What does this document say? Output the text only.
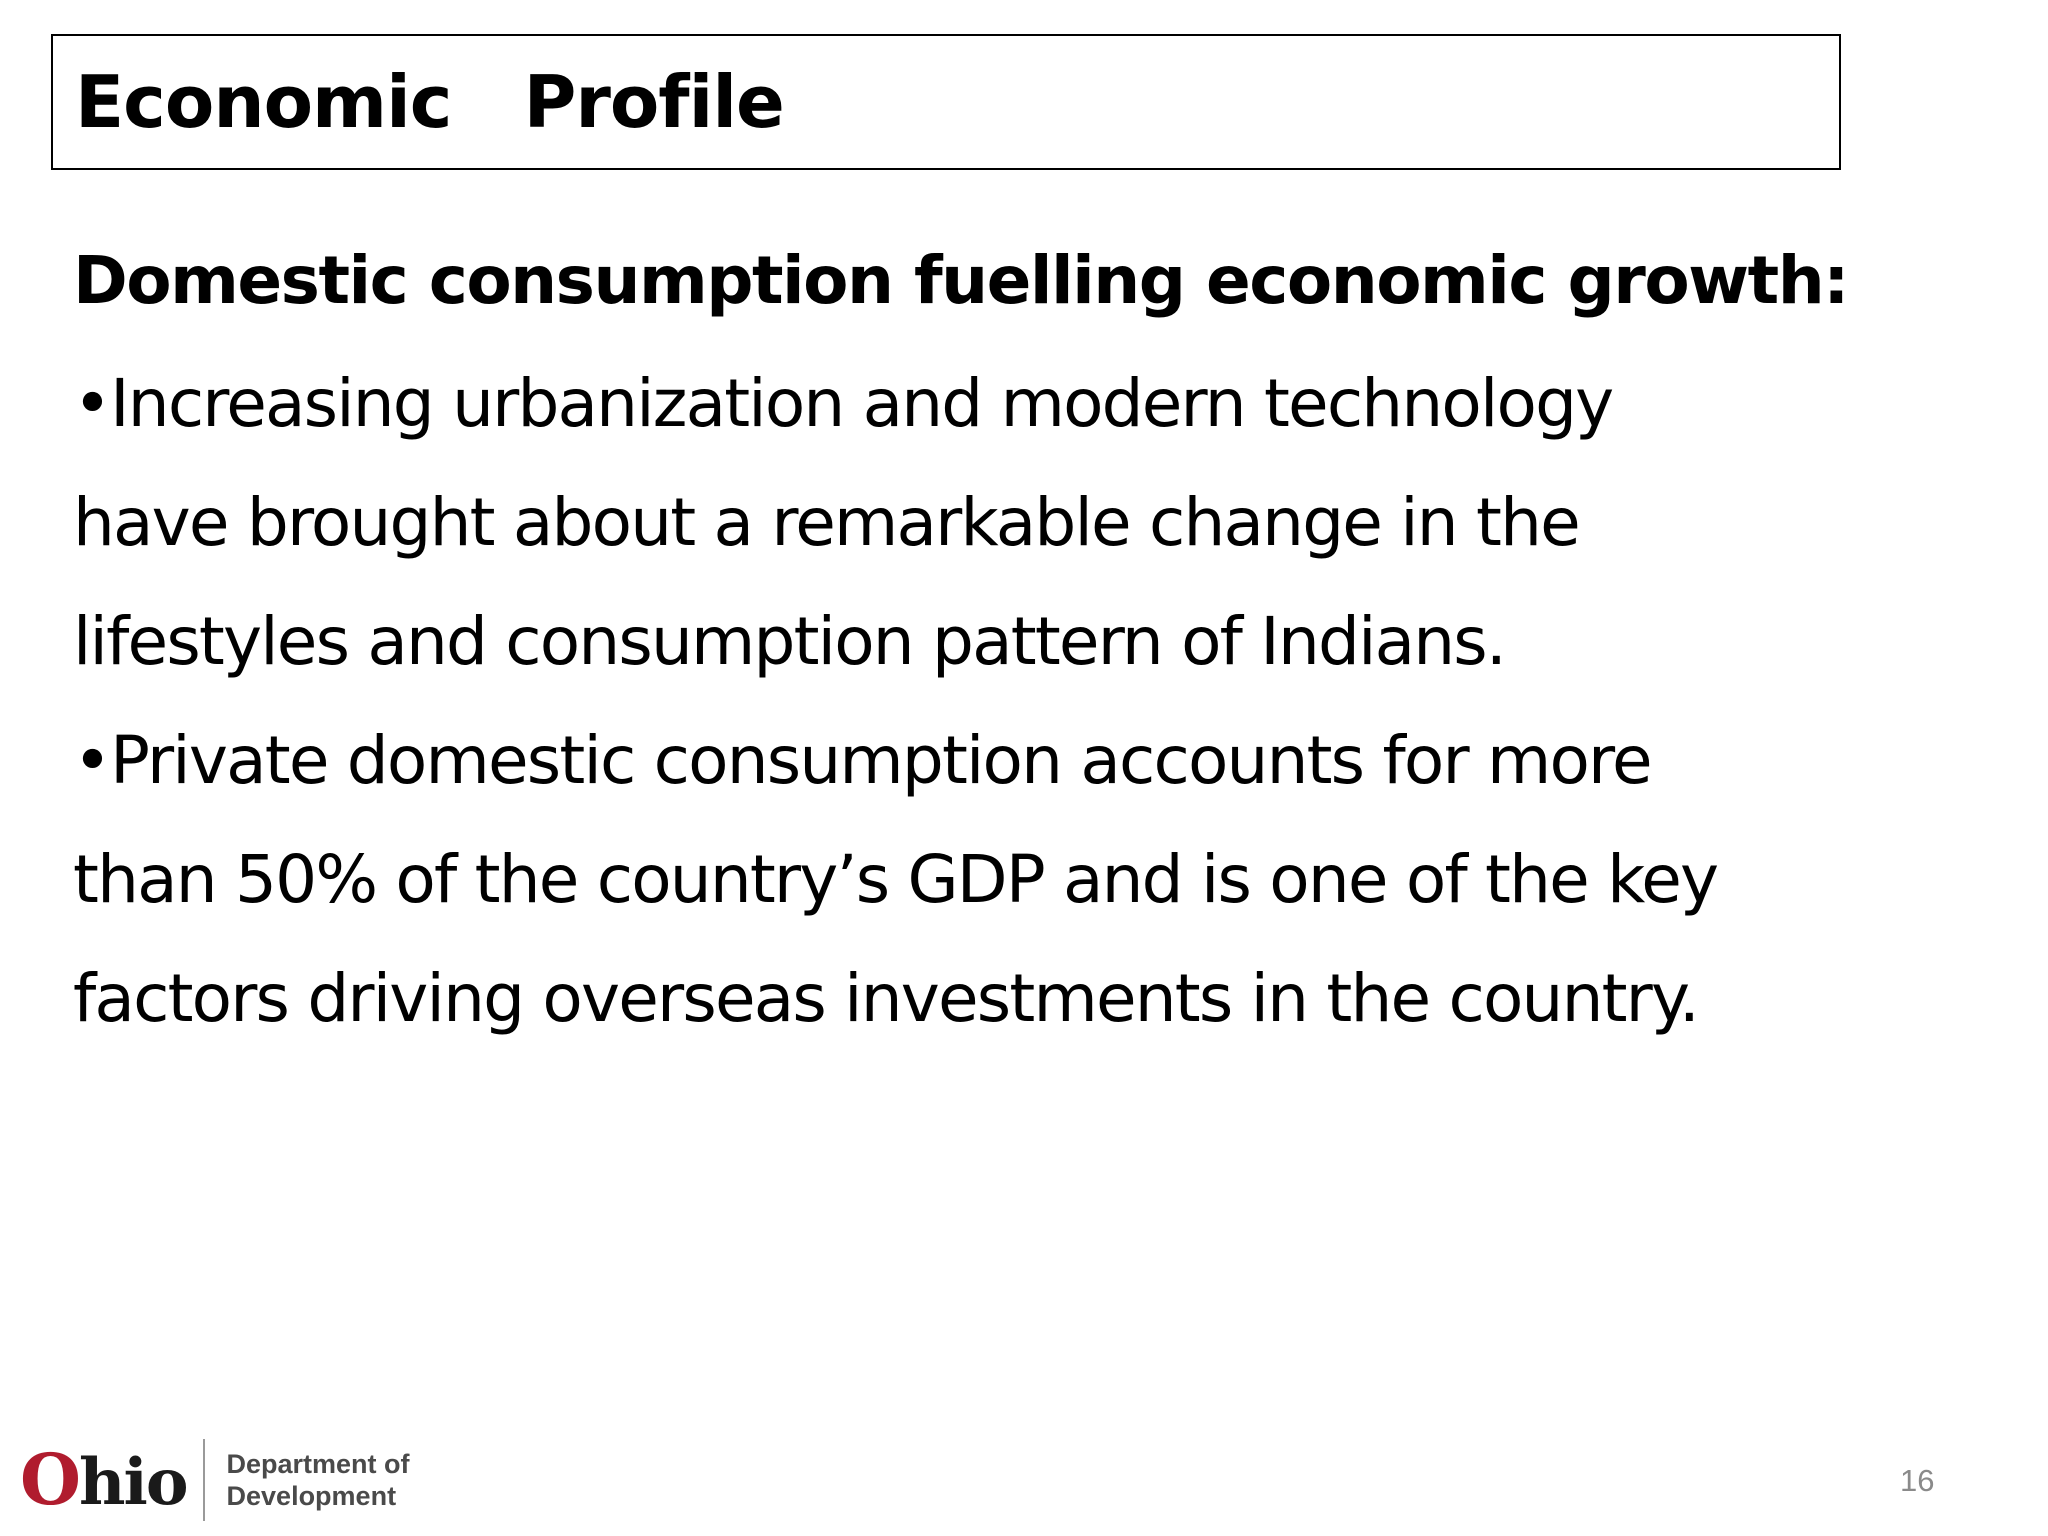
Economic  Profile
Domestic consumption fuelling economic growth:
•Increasing urbanization and modern technology
have brought about a remarkable change in the
lifestyles and consumption pattern of Indians.
•Private domestic consumption accounts for more
than 50% of the country’s GDP and is one of the key
factors driving overseas investments in the country.
Ohio Department of
Development	16
